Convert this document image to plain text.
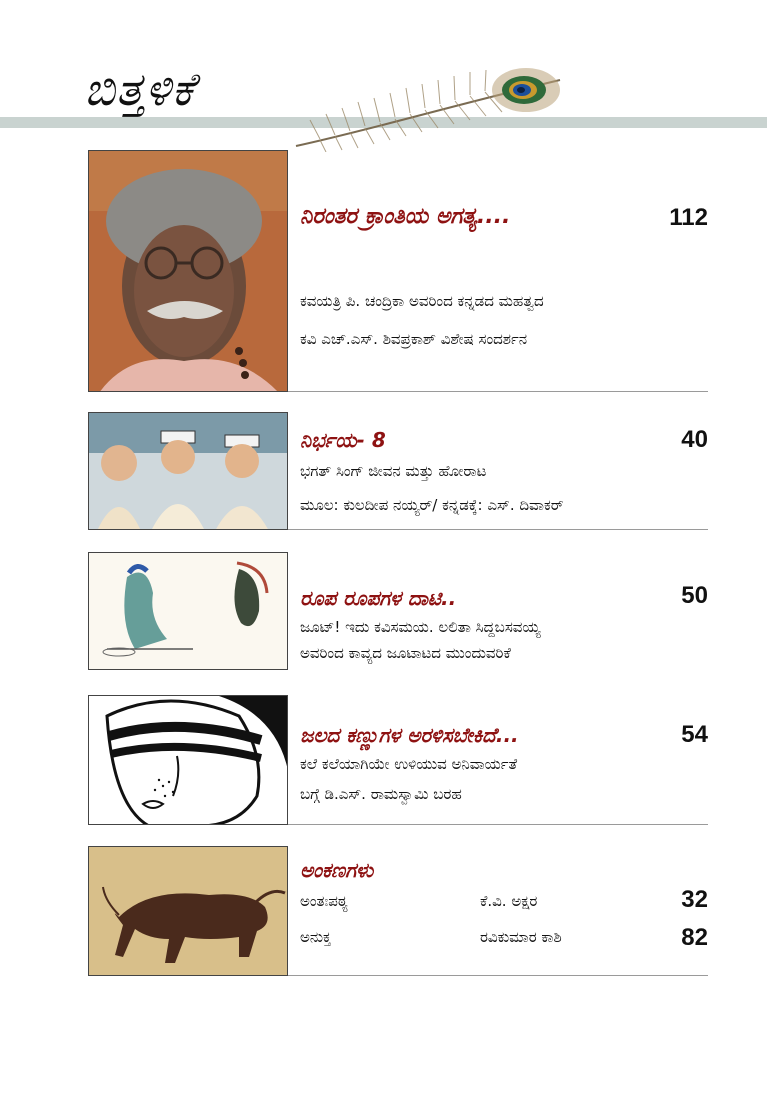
ಬಿತ್ತಳಿಕೆ
ನಿರಂತರ ಕ್ರಾಂತಿಯ ಅಗತ್ಯ....	112
ಕವಯತ್ರಿ ಪಿ. ಚಂದ್ರಿಕಾ ಅವರಿಂದ ಕನ್ನಡದ ಮಹತ್ವದ
ಕವಿ ಎಚ್.ಎಸ್. ಶಿವಪ್ರಕಾಶ್ ವಿಶೇಷ ಸಂದರ್ಶನ
ನಿರ್ಭಯ- 8	40
ಭಗತ್ ಸಿಂಗ್ ಜೀವನ ಮತ್ತು ಹೋರಾಟ
ಮೂಲ: ಕುಲದೀಪ ನಯ್ಯರ್/ ಕನ್ನಡಕ್ಕೆ: ಎಸ್. ದಿವಾಕರ್
ರೂಪ ರೂಪಗಳ ದಾಟಿ..	50
ಜೂಟ್! ಇದು ಕವಿಸಮಯ. ಲಲಿತಾ ಸಿದ್ದಬಸವಯ್ಯ
ಅವರಿಂದ ಕಾವ್ಯದ ಜೂಟಾಟದ ಮುಂದುವರಿಕೆ
ಜಲದ ಕಣ್ಣುಗಳ ಅರಳಿಸಬೇಕಿದೆ...	54
ಕಲೆ ಕಲೆಯಾಗಿಯೇ ಉಳಿಯುವ ಅನಿವಾರ್ಯತೆ
ಬಗ್ಗೆ ಡಿ.ಎಸ್. ರಾಮಸ್ವಾಮಿ ಬರಹ
ಅಂಕಣಗಳು
ಅಂತಃಪಠ್ಯ	ಕೆ.ವಿ. ಅಕ್ಷರ	32
ಅನುಕ್ತ	ರವಿಕುಮಾರ ಕಾಶಿ	82
